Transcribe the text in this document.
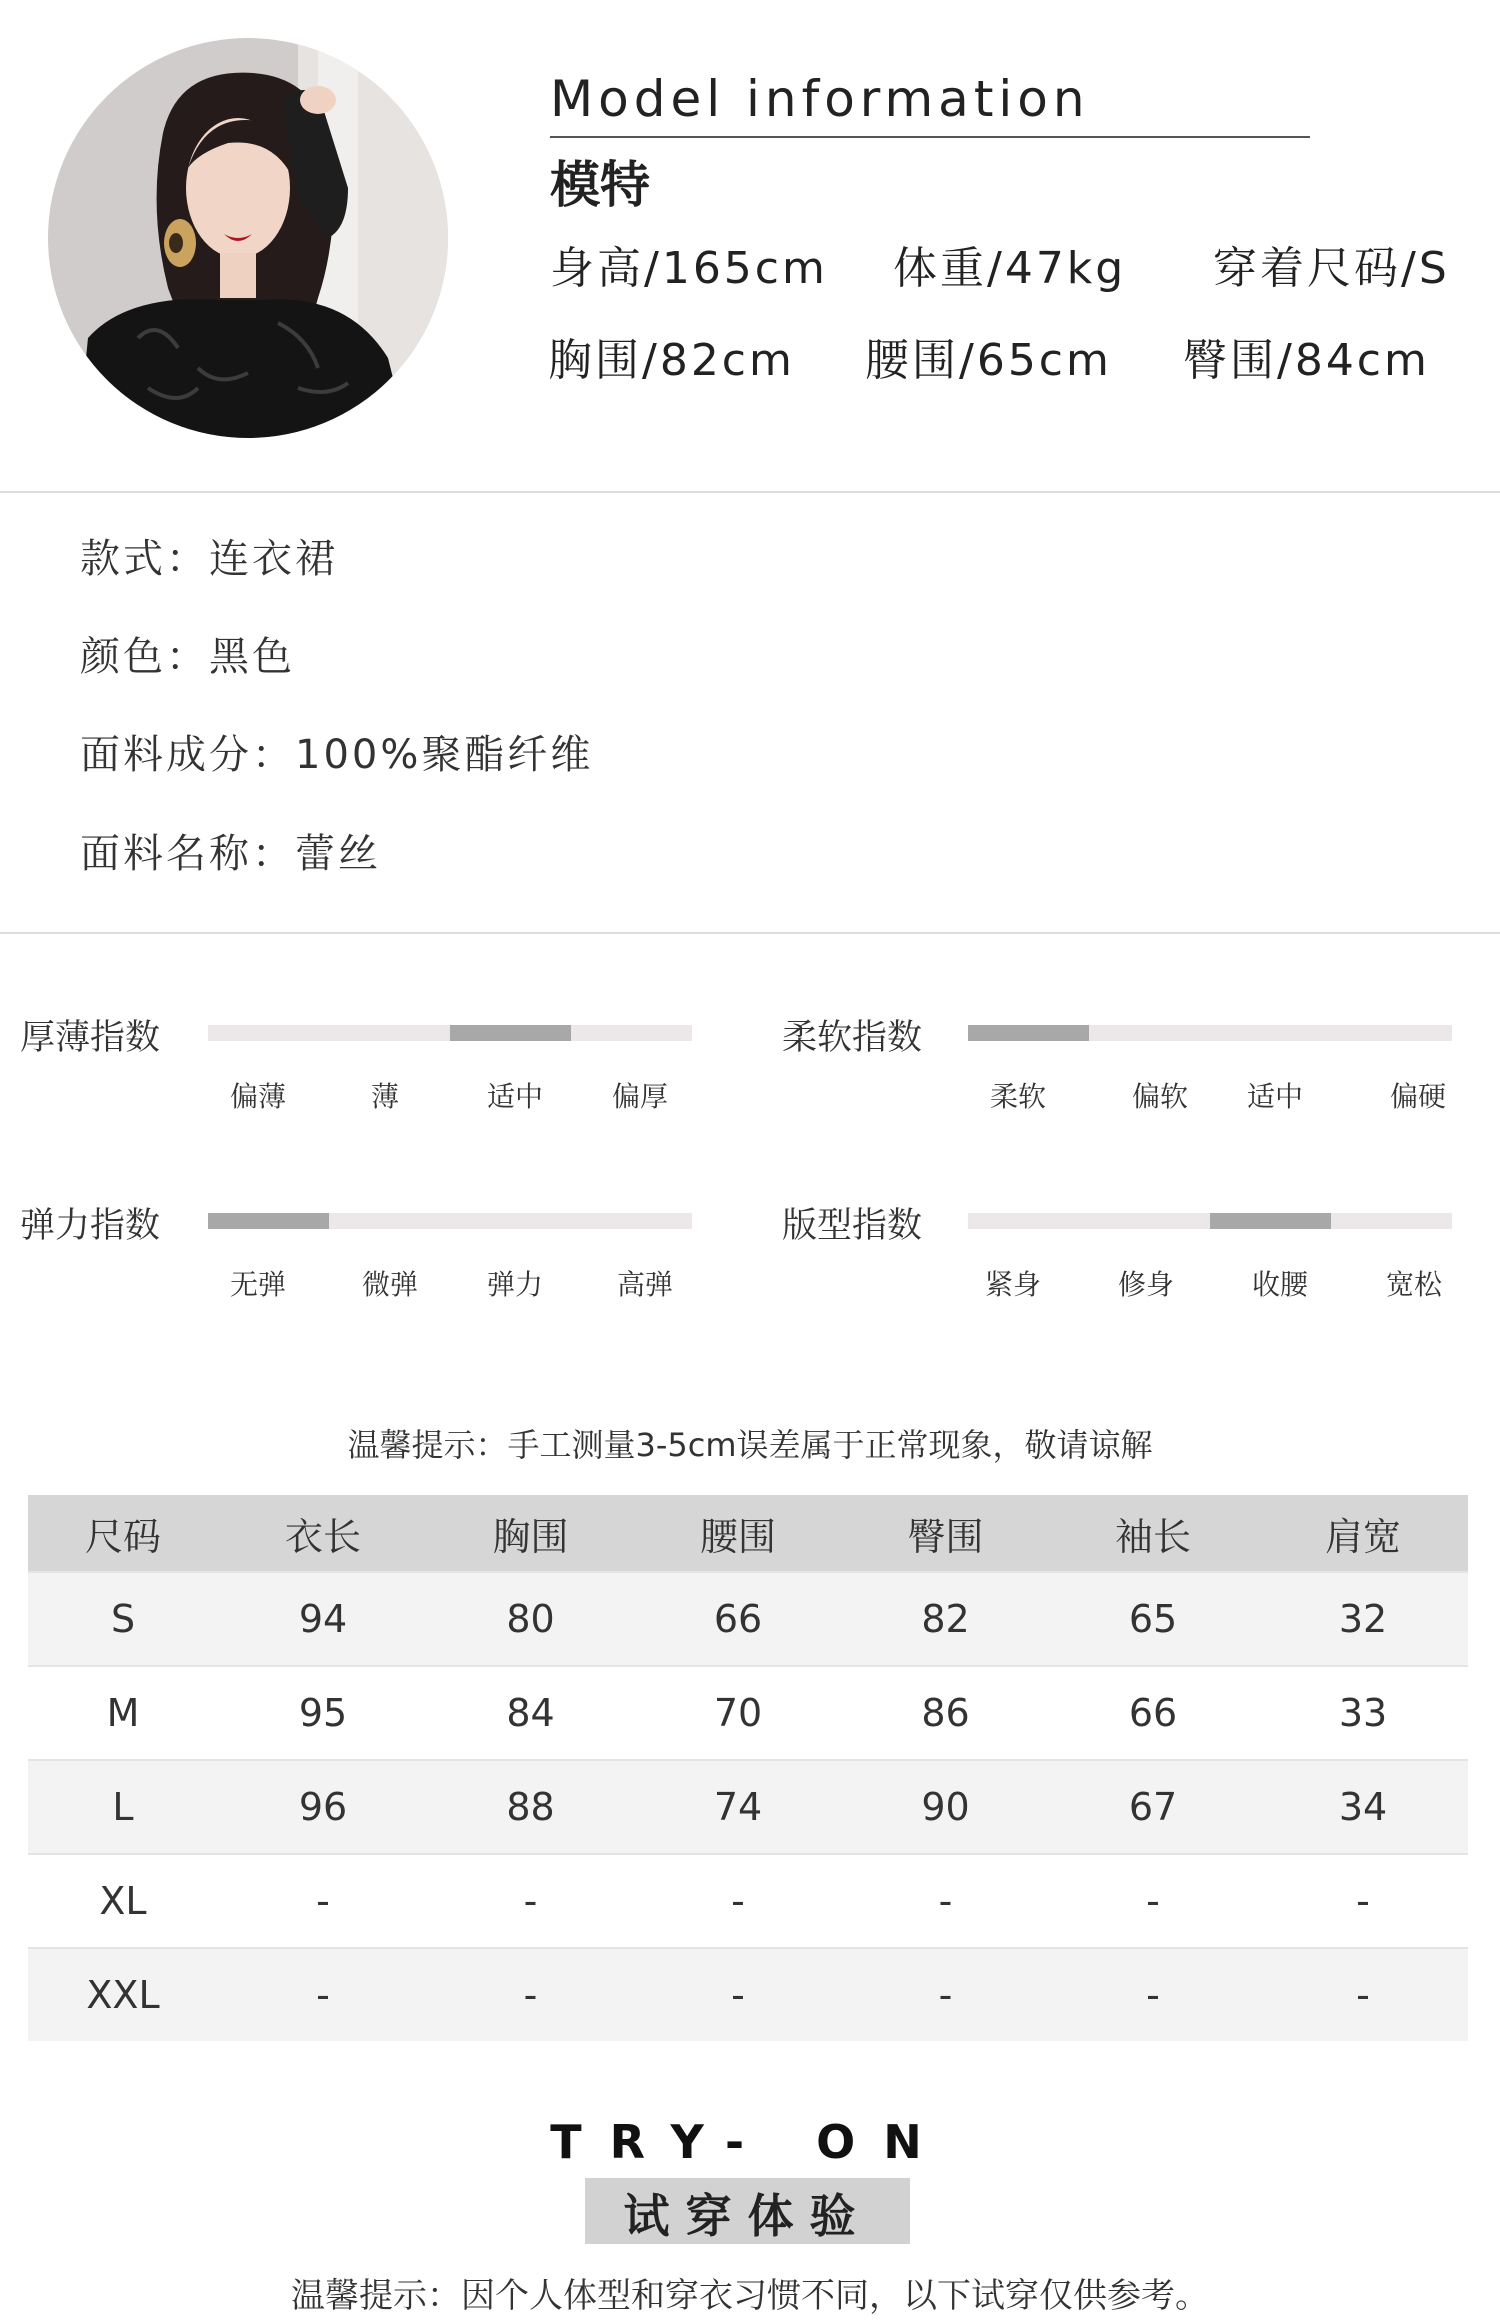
Model information
模特
身高/165cm 体重/47kg 穿着尺码/S
胸围/82cm 腰围/65cm 臀围/84cm
款式：连衣裙
颜色：黑色
面料成分：100%聚酯纤维
面料名称：蕾丝
厚薄指数
偏薄	薄	适中 偏厚
柔软指数
柔软	偏软 适中	偏硬
弹力指数
无弹	微弹 弹力	高弹
版型指数
紧身	修身	收腰	宽松
温馨提示：手工测量3-5cm误差属于正常现象，敬请谅解
尺码	衣长	胸围	腰围	臀围	袖长	肩宽
S	94	80	66	82	65	32
M	95	84	70	86	66	33
L	96	88	74	90	67	34
XL	-	-	-	-	-	-
XXL	-	-	-	-	-	-
TRY- ON
试穿体验
温馨提示：因个人体型和穿衣习惯不同，以下试穿仅供参考。
